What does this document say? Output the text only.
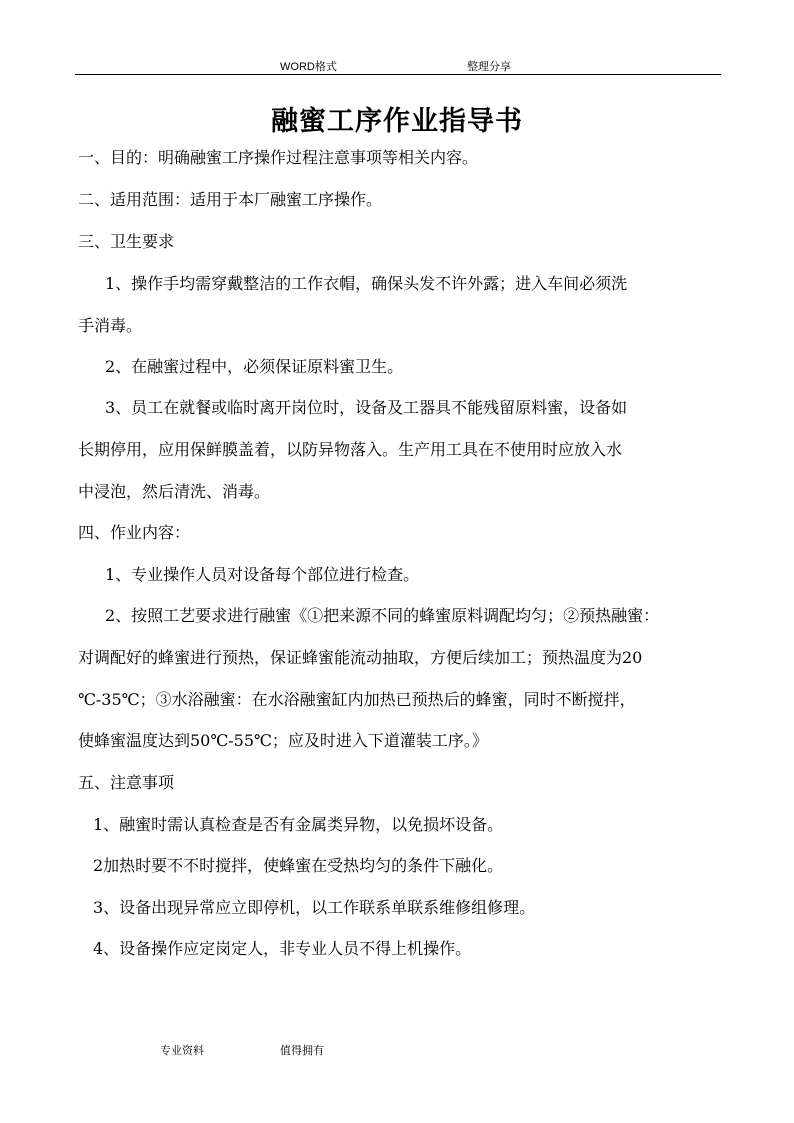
WORD格式	整理分享
融蜜工序作业指导书
一、目的：明确融蜜工序操作过程注意事项等相关内容。
二、适用范围：适用于本厂融蜜工序操作。
三、卫生要求
1、操作手均需穿戴整洁的工作衣帽，确保头发不许外露；进入车间必须洗
手消毒。
2、在融蜜过程中，必须保证原料蜜卫生。
3、员工在就餐或临时离开岗位时，设备及工器具不能残留原料蜜，设备如
长期停用，应用保鲜膜盖着，以防异物落入。生产用工具在不使用时应放入水
中浸泡，然后清洗、消毒。
四、作业内容：
1、专业操作人员对设备每个部位进行检查。
2、按照工艺要求进行融蜜《①把来源不同的蜂蜜原料调配均匀；②预热融蜜：
对调配好的蜂蜜进行预热，保证蜂蜜能流动抽取，方便后续加工；预热温度为20
℃-35℃；③水浴融蜜：在水浴融蜜缸内加热已预热后的蜂蜜，同时不断搅拌，
使蜂蜜温度达到50℃-55℃；应及时进入下道灌装工序。》
五、注意事项
1、融蜜时需认真检查是否有金属类异物，以免损坏设备。
2加热时要不不时搅拌，使蜂蜜在受热均匀的条件下融化。
3、设备出现异常应立即停机，以工作联系单联系维修组修理。
4、设备操作应定岗定人，非专业人员不得上机操作。
专业资料	值得拥有
